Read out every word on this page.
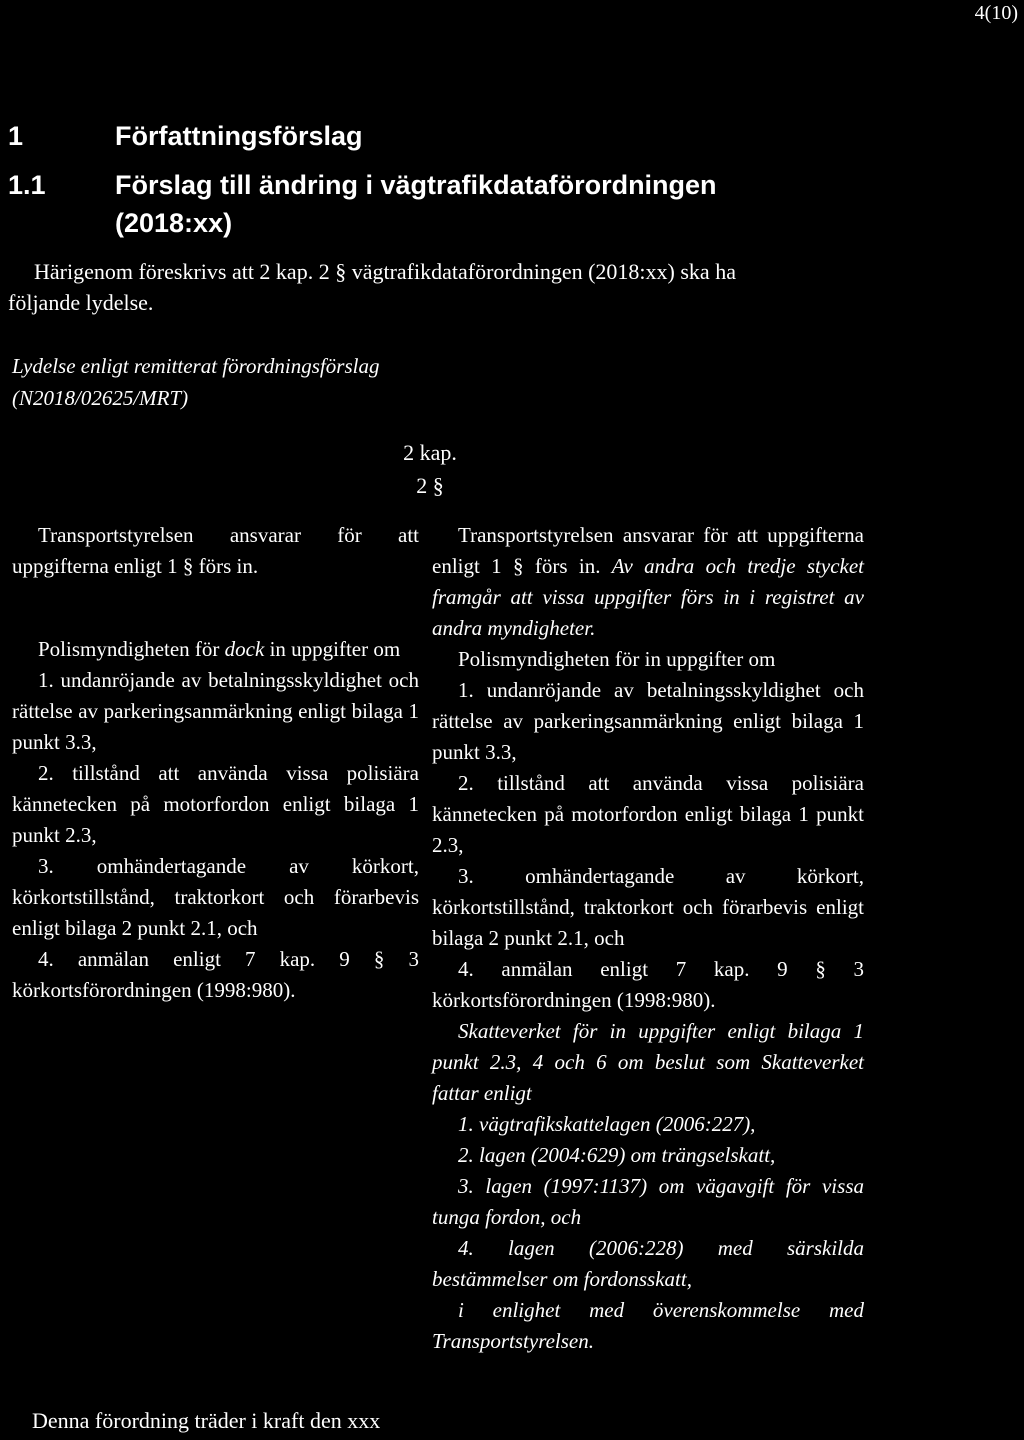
4(10)
1	Författningsförslag
1.1	Förslag till ändring i vägtrafikdataförordningen
(2018:xx)
Härigenom föreskrivs att 2 kap. 2 § vägtrafikdataförordningen (2018:xx) ska ha
följande lydelse.
Lydelse enligt remitterat förordningsförslag
(N2018/02625/MRT)
2 kap.
2 §

Transportstyrelsen ansvarar för att uppgifterna enligt 1 § förs in.

Polismyndigheten för dock in uppgifter om

1. undanröjande av betalningsskyldighet och rättelse av parkeringsanmärkning enligt bilaga 1 punkt 3.3,

2. tillstånd att använda vissa polisiära kännetecken på motorfordon enligt bilaga 1 punkt 2.3,

3. omhändertagande av körkort, körkortstillstånd, traktorkort och förarbevis enligt bilaga 2 punkt 2.1, och

4. anmälan enligt 7 kap. 9 § 3 körkortsförordningen (1998:980).

Transportstyrelsen ansvarar för att uppgifterna enligt 1 § förs in. Av andra och tredje stycket framgår att vissa uppgifter förs in i registret av andra myndigheter.

Polismyndigheten för in uppgifter om

1. undanröjande av betalningsskyldighet och rättelse av parkeringsanmärkning enligt bilaga 1 punkt 3.3,

2. tillstånd att använda vissa polisiära kännetecken på motorfordon enligt bilaga 1 punkt 2.3,

3. omhändertagande av körkort, körkortstillstånd, traktorkort och förarbevis enligt bilaga 2 punkt 2.1, och

4. anmälan enligt 7 kap. 9 § 3 körkortsförordningen (1998:980).

Skatteverket för in uppgifter enligt bilaga 1 punkt 2.3, 4 och 6 om beslut som Skatteverket fattar enligt

1. vägtrafikskattelagen (2006:227),

2. lagen (2004:629) om trängselskatt,

3. lagen (1997:1137) om vägavgift för vissa tunga fordon, och

4. lagen (2006:228) med särskilda bestämmelser om fordonsskatt,

i enlighet med överenskommelse med Transportstyrelsen.

Denna förordning träder i kraft den xxx
